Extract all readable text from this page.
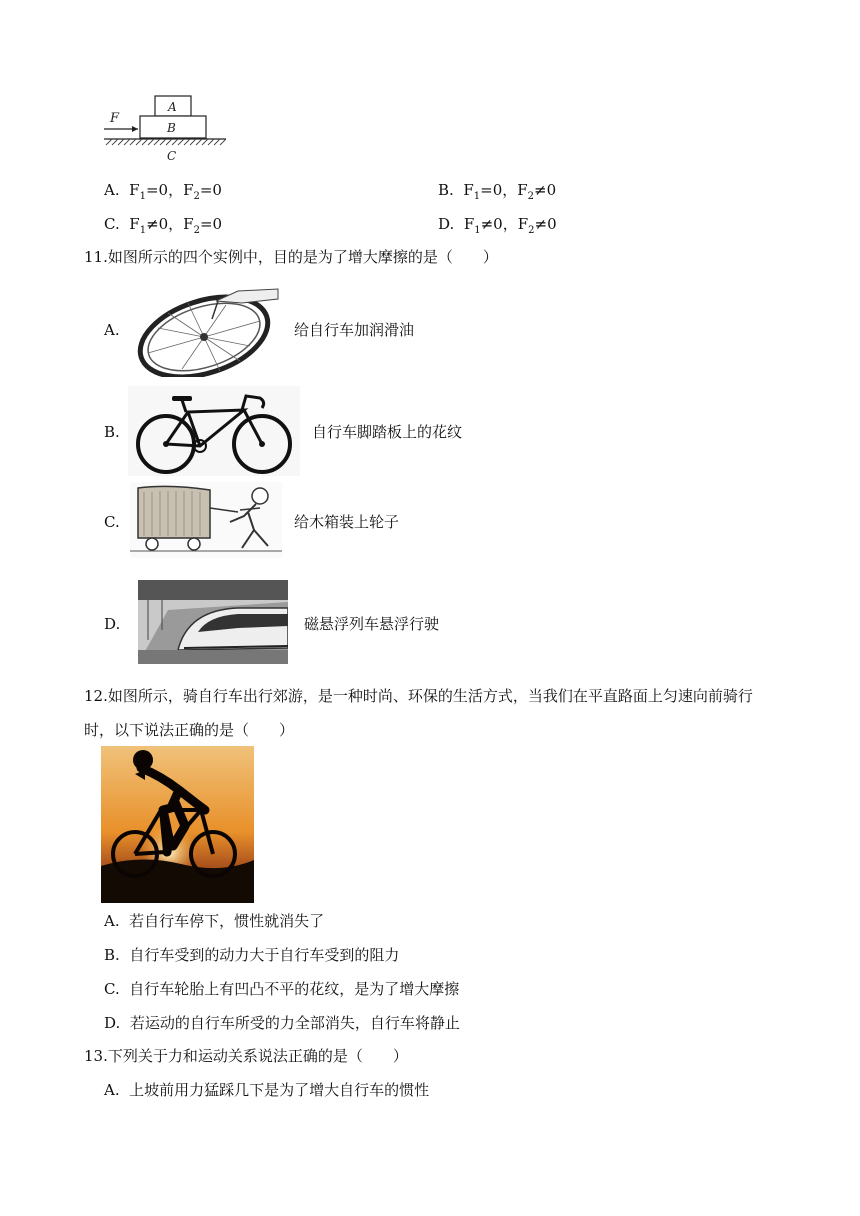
F
A
B
C
A. $F_1=0$，$F_2=0$	B. $F_1=0$，$F_2\ne 0$
C. $F_1\ne 0$，$F_2=0$	D. $F_1\ne 0$，$F_2\ne 0$
11.如图所示的四个实例中，目的是为了增大摩擦的是（　　）
A.	给自行车加润滑油
B.	自行车脚踏板上的花纹
C.	给木箱装上轮子
D.	磁悬浮列车悬浮行驶
12.如图所示，骑自行车出行郊游，是一种时尚、环保的生活方式，当我们在平直路面上匀速向前骑行
时，以下说法正确的是（　　）
A. 若自行车停下，惯性就消失了
B. 自行车受到的动力大于自行车受到的阻力
C. 自行车轮胎上有凹凸不平的花纹，是为了增大摩擦
D. 若运动的自行车所受的力全部消失，自行车将静止
13.下列关于力和运动关系说法正确的是（　　）
A. 上坡前用力猛踩几下是为了增大自行车的惯性
